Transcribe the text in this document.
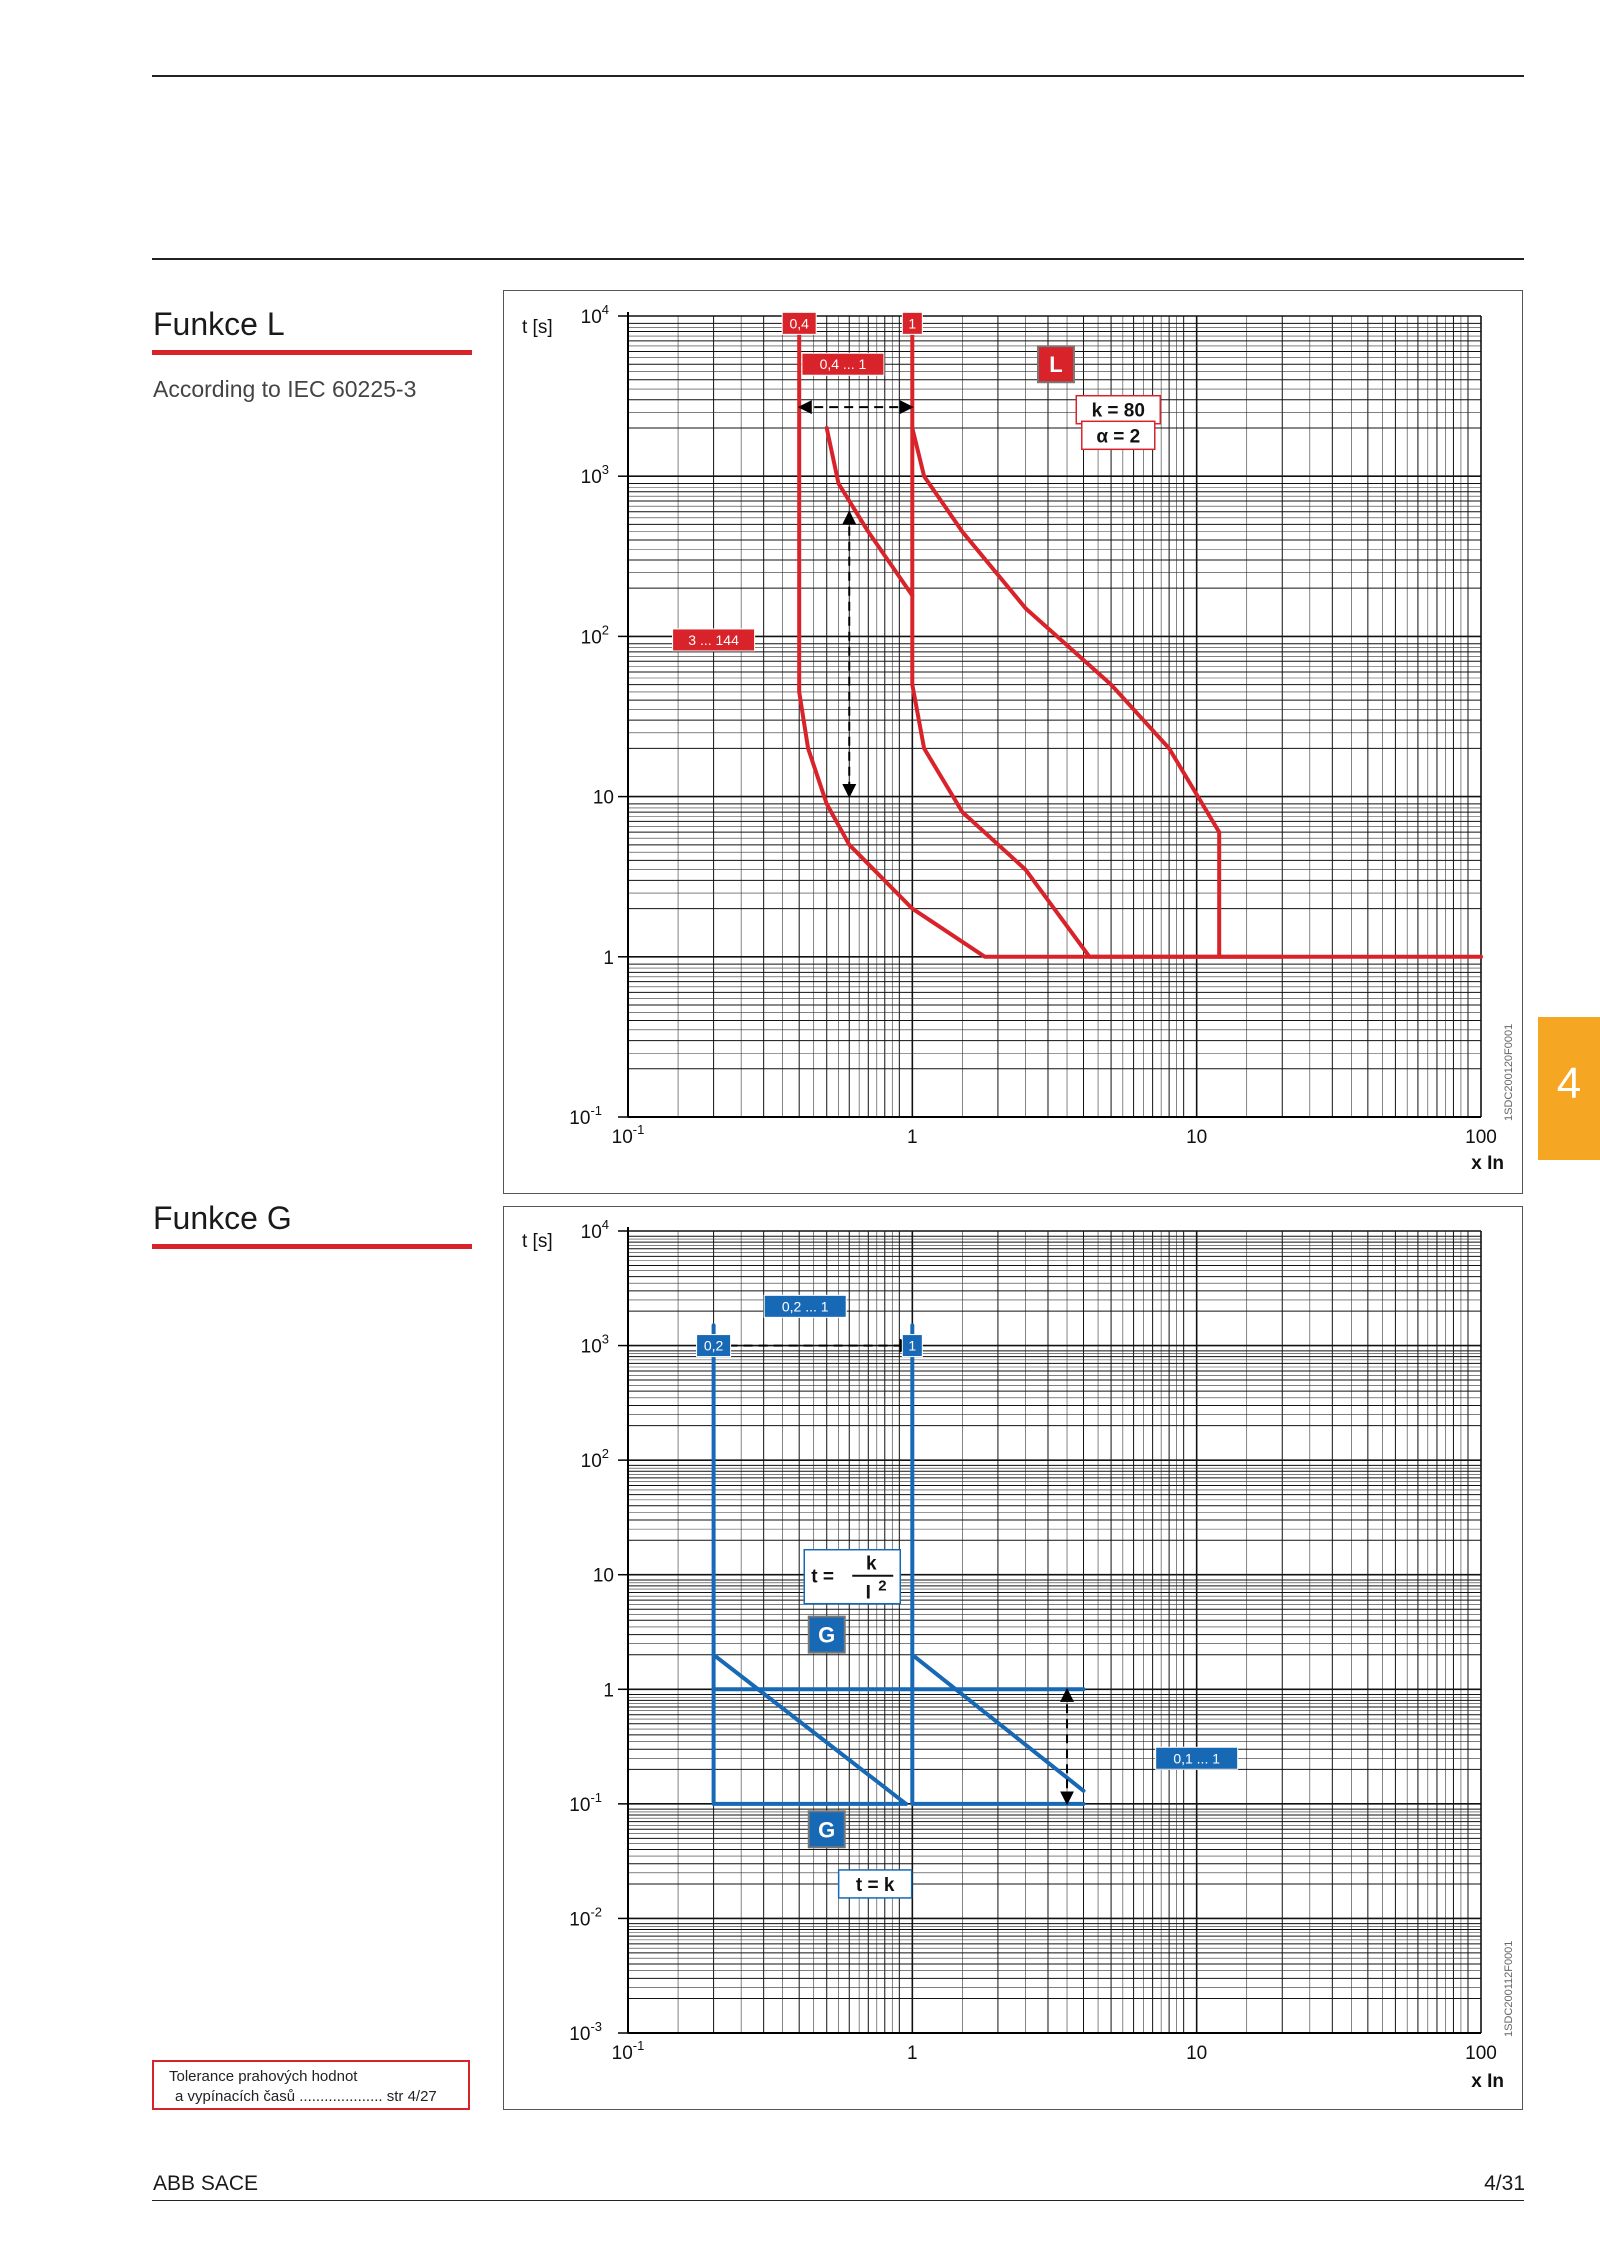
Funkce L
According to IEC 60225-3
Funkce G
4
Tolerance prahových hodnot
a vypínacích časů .................... str 4/27
ABB SACE	4/31
$10^4$
$10^3$
$10^2$
10
1
$10^{-1}$
$10^{-1}$	1	10	100
0,4	1
0,4 ... 1	L
k = 80
α = 2
3 ... 144
t [s]
x In
1SDC200120F0001
$10^4$
$10^3$
$10^2$
10
1
$10^{-1}$
$10^{-2}$
$10^{-3}$
$10^{-1}$	1	10	100
0,2 ... 1
0,2	1
G
G
t = k
0,1 ... 1
t =
k
I 2
t [s]
x In
1SDC200112F0001
